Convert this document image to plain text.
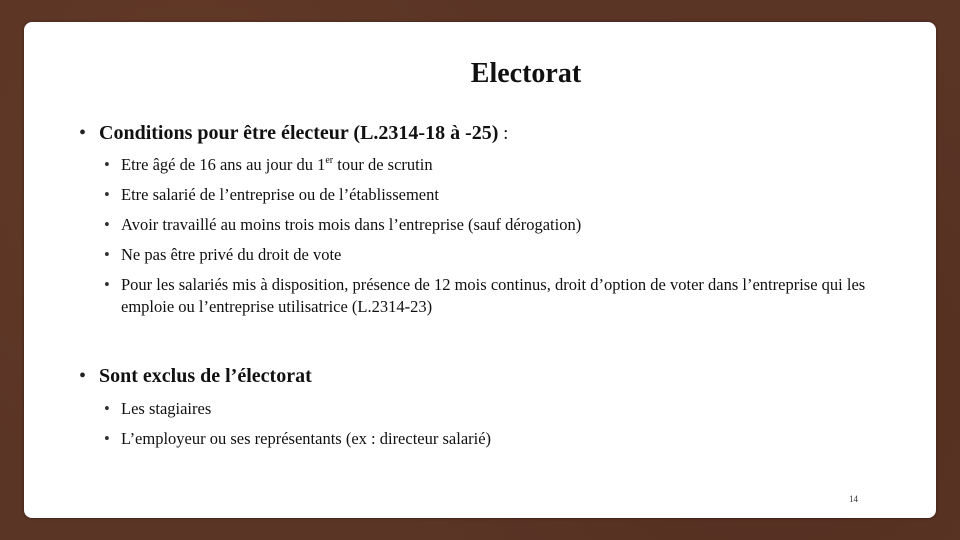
Electorat
• Conditions pour être électeur (L.2314-18 à -25) :
• Etre âgé de 16 ans au jour du 1er tour de scrutin
• Etre salarié de l’entreprise ou de l’établissement
• Avoir travaillé au moins trois mois dans l’entreprise (sauf dérogation)
• Ne pas être privé du droit de vote
• Pour les salariés mis à disposition, présence de 12 mois continus, droit d’option de voter dans l’entreprise qui les emploie ou l’entreprise utilisatrice (L.2314-23)
• Sont exclus de l’électorat
• Les stagiaires
• L’employeur ou ses représentants (ex : directeur salarié)
14
